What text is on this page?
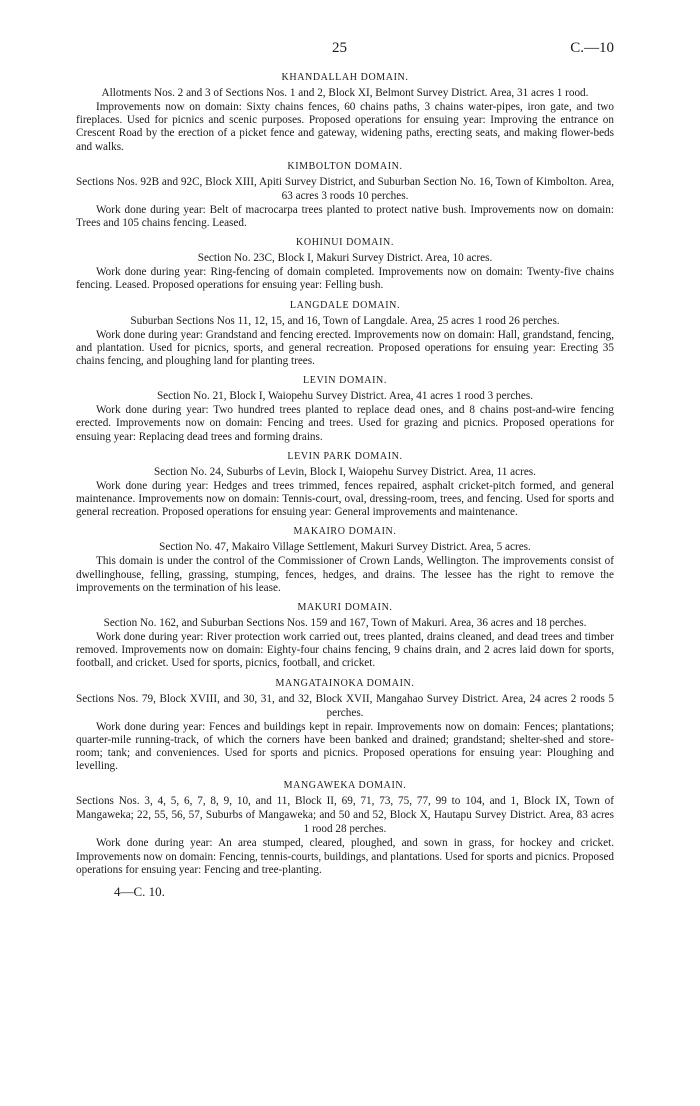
25	C.—10
KHANDALLAH DOMAIN.
Allotments Nos. 2 and 3 of Sections Nos. 1 and 2, Block XI, Belmont Survey District. Area, 31 acres 1 rood.

Improvements now on domain: Sixty chains fences, 60 chains paths, 3 chains water-pipes, iron gate, and two fireplaces. Used for picnics and scenic purposes. Proposed operations for ensuing year: Improving the entrance on Crescent Road by the erection of a picket fence and gateway, widening paths, erecting seats, and making flower-beds and walks.

KIMBOLTON DOMAIN.
Sections Nos. 92B and 92C, Block XIII, Apiti Survey District, and Suburban Section No. 16, Town of Kimbolton. Area, 63 acres 3 roods 10 perches.

Work done during year: Belt of macrocarpa trees planted to protect native bush. Improvements now on domain: Trees and 105 chains fencing. Leased.

KOHINUI DOMAIN.
Section No. 23C, Block I, Makuri Survey District. Area, 10 acres.

Work done during year: Ring-fencing of domain completed. Improvements now on domain: Twenty-five chains fencing. Leased. Proposed operations for ensuing year: Felling bush.

LANGDALE DOMAIN.
Suburban Sections Nos 11, 12, 15, and 16, Town of Langdale. Area, 25 acres 1 rood 26 perches.

Work done during year: Grandstand and fencing erected. Improvements now on domain: Hall, grandstand, fencing, and plantation. Used for picnics, sports, and general recreation. Proposed operations for ensuing year: Erecting 35 chains fencing, and ploughing land for planting trees.

LEVIN DOMAIN.
Section No. 21, Block I, Waiopehu Survey District. Area, 41 acres 1 rood 3 perches.

Work done during year: Two hundred trees planted to replace dead ones, and 8 chains post-and-wire fencing erected. Improvements now on domain: Fencing and trees. Used for grazing and picnics. Proposed operations for ensuing year: Replacing dead trees and forming drains.

LEVIN PARK DOMAIN.
Section No. 24, Suburbs of Levin, Block I, Waiopehu Survey District. Area, 11 acres.

Work done during year: Hedges and trees trimmed, fences repaired, asphalt cricket-pitch formed, and general maintenance. Improvements now on domain: Tennis-court, oval, dressing-room, trees, and fencing. Used for sports and general recreation. Proposed operations for ensuing year: General improvements and maintenance.

MAKAIRO DOMAIN.
Section No. 47, Makairo Village Settlement, Makuri Survey District. Area, 5 acres.

This domain is under the control of the Commissioner of Crown Lands, Wellington. The improvements consist of dwellinghouse, felling, grassing, stumping, fences, hedges, and drains. The lessee has the right to remove the improvements on the termination of his lease.

MAKURI DOMAIN.
Section No. 162, and Suburban Sections Nos. 159 and 167, Town of Makuri. Area, 36 acres and 18 perches.

Work done during year: River protection work carried out, trees planted, drains cleaned, and dead trees and timber removed. Improvements now on domain: Eighty-four chains fencing, 9 chains drain, and 2 acres laid down for sports, football, and cricket. Used for sports, picnics, football, and cricket.

MANGATAINOKA DOMAIN.
Sections Nos. 79, Block XVIII, and 30, 31, and 32, Block XVII, Mangahao Survey District. Area, 24 acres 2 roods 5 perches.

Work done during year: Fences and buildings kept in repair. Improvements now on domain: Fences; plantations; quarter-mile running-track, of which the corners have been banked and drained; grandstand; shelter-shed and store-room; tank; and conveniences. Used for sports and picnics. Proposed operations for ensuing year: Ploughing and levelling.

MANGAWEKA DOMAIN.
Sections Nos. 3, 4, 5, 6, 7, 8, 9, 10, and 11, Block II, 69, 71, 73, 75, 77, 99 to 104, and 1, Block IX, Town of Mangaweka; 22, 55, 56, 57, Suburbs of Mangaweka; and 50 and 52, Block X, Hautapu Survey District. Area, 83 acres 1 rood 28 perches.

Work done during year: An area stumped, cleared, ploughed, and sown in grass, for hockey and cricket. Improvements now on domain: Fencing, tennis-courts, buildings, and plantations. Used for sports and picnics. Proposed operations for ensuing year: Fencing and tree-planting.

4—C. 10.
